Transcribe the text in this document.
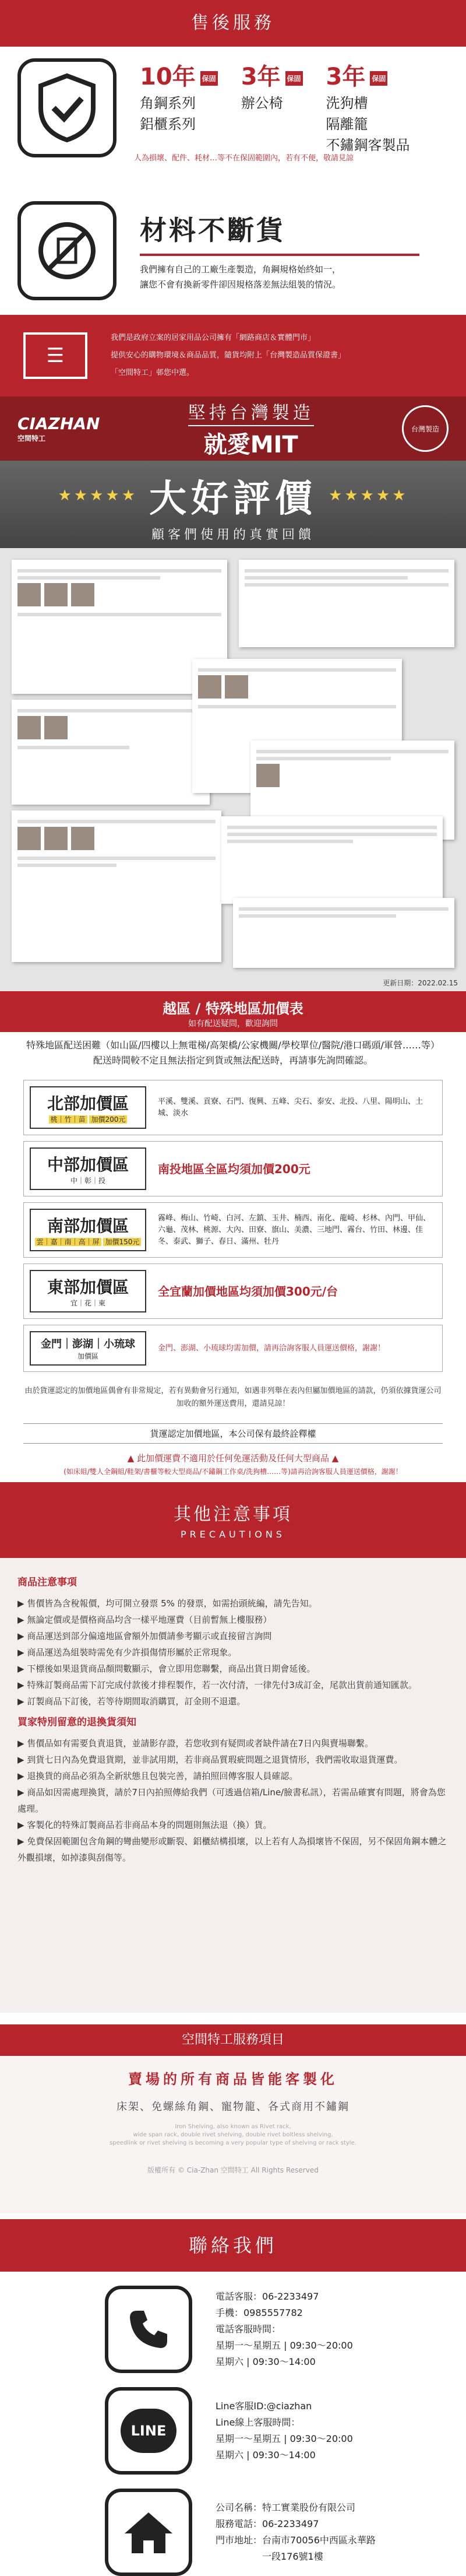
售後服務
10年 保固
角鋼系列
鋁櫃系列
3年 保固
辦公椅
3年 保固
洗狗槽
隔離籠
不鏽鋼客製品
人為損壞、配件、耗材…等不在保固範圍內，若有不便，敬請見諒
材料不斷貨
我們擁有自己的工廠生產製造，角鋼規格始終如一，
讓您不會有換新零件卻因規格落差無法組裝的情況。
☰

我們是政府立案的居家用品公司擁有「網路商店＆實體門市」

提供安心的購物環境＆商品品質，隨貨均附上「台灣製造品質保證書」

「空間特工」邨您中選。

CIAZHAN
空間特工
堅持台灣製造
就愛MIT
台灣製造
★★★★★ 大好評價 ★★★★★
顧客們使用的真實回饋
更新日期：2022.02.15
越區 / 特殊地區加價表
如有配送疑問，歡迎詢問
特殊地區配送困難（如山區/四樓以上無電梯/高架橋/公家機關/學校單位/醫院/港口碼頭/軍營……等）
配送時間較不定且無法指定到貨或無法配送時，再請事先詢問確認。
北部加價區
桃｜竹｜苗 加價200元
平溪、雙溪、貢寮、石門、復興、五峰、尖石、泰安、北投、八里、陽明山、土城、淡水
中部加價區
中｜彰｜投
南投地區全區均須加價200元
南部加價區
雲｜嘉｜南｜高｜屏 加價150元
霧峰、梅山、竹崎、白河、左鎮、玉井、楠西、南化、龍崎、杉林、內門、甲仙、六龜、茂林、桃源、大內、田寮、旗山、美濃、三地門、霧台、竹田、林邊、佳冬、泰武、獅子、春日、滿州、牡丹
東部加價區
宜｜花｜東
全宜蘭加價地區均須加價300元/台
金門｜澎湖｜小琉球
加價區
金門、澎湖、小琉球均需加價，請再洽詢客服人員運送價格，謝謝！
由於貨運認定的加價地區偶會有非常規定，若有異動會另行通知，如遇非列舉在表內但屬加價地區的請款，仍須依據貨運公司加收的額外運送費用，還請見諒！
貨運認定加價地區，本公司保有最終詮釋權
▲ 此加價運費不適用於任何免運活動及任何大型商品 ▲
(如床組/雙人全鋼組/鞋架/書櫃等較大型商品/不鏽鋼工作桌/洗狗槽……等)請再洽詢客服人員運送價格，謝謝！
其他注意事項
PRECAUTIONS
商品注意事項
▶ 售價皆為含稅報價，均可開立發票 5% 的發票，如需抬頭統編，請先告知。
▶ 無論定價或是價格商品均含一樣平地運費（目前暫無上樓服務）
▶ 商品運送到部分偏遠地區會額外加價請參考顯示或直接留言詢問
▶ 商品運送為組裝時需免有少許損傷情形屬於正常現象。
▶ 下標後如果退貨商品顏問數顯示，會立即用您聯繫，商品出貨日期會延後。
▶ 特殊訂製商品需下訂完成付款後才排程製作，若一次付清，一律先付3成訂金，尾款出貨前通知匯款。
▶ 訂製商品下訂後，若等待期間取消購買，訂金則不退還。
買家特別留意的退換貨須知
▶ 售價品如有需要負責退貨，並請影存證，若您收到有疑問或者缺件請在7日內與賣場聯繫。
▶ 到貨七日內為免費退貨期，並非試用期，若非商品質瑕疵問題之退貨情形，我們需收取退貨運費。
▶ 退換貨的商品必須為全新狀態且包裝完善，請拍照回傳客服人員確認。
▶ 商品如因需處理換貨，請於7日內拍照傳給我們（可透過信箱/Line/臉書私訊），若需品確實有問題，將會為您處理。
▶ 客製化的特殊訂製商品若非商品本身的問題則無法退（換）貨。
▶ 免費保固範圍包含角鋼的彎曲變形或斷裂、鋁櫃結構損壞，以上若有人為損壞皆不保固，另不保固角鋼本體之外觀損壞，如掉漆與刮傷等。
空間特工服務項目
賣場的所有商品皆能客製化
床架、免螺絲角鋼、寵物籠、各式商用不鏽鋼
Iron Shelving, also known as Rivet rack,
wide span rack, double rivet shelving, double rivet boltless shelving,
speedlink or rivet shelving is becoming a very popular type of shelving or rack style.
版權所有 © Cia-Zhan 空間特工 All Rights Reserved
聯絡我們
電話客服：06-2233497
手機：0985557782
電話客服時間：
星期一～星期五 | 09:30～20:00
星期六 | 09:30～14:00
LINE
Line客服ID:@ciazhan
Line線上客服時間：
星期一～星期五 | 09:30～20:00
星期六 | 09:30～14:00
公司名稱：特工實業股份有限公司
服務電話：06-2233497
門市地址：台南市70056中西區永華路
一段176號1樓
